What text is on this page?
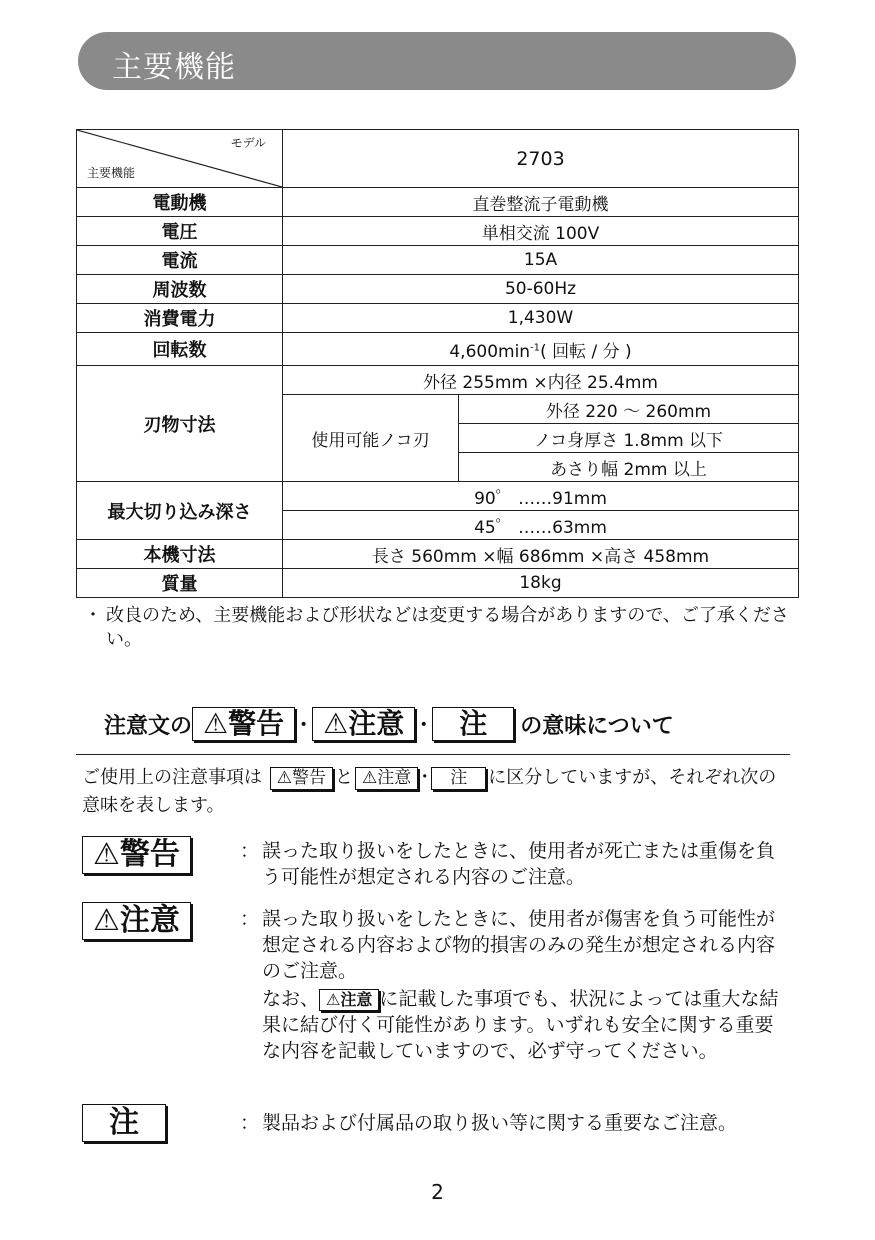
主要機能
モデル
主要機能	2703	
電動機	直巻整流子電動機	
電圧	単相交流 100V	
電流	15A	
周波数	50-60Hz	
消費電力	1,430W	
回転数	$4,600\min^{-1}$( 回転 / 分 )	
刃物寸法	外径 255mm ×内径 25.4mm	
	使用可能ノコ刃	外径 220 ～ 260mm
		ノコ身厚さ 1.8mm 以下
		あさり幅 2mm 以上
最大切り込み深さ	90゜ ……91mm	
	45゜ ……63mm	
本機寸法	長さ 560mm ×幅 686mm ×高さ 458mm	
質量	18kg	
・ 改良のため、主要機能および形状などは変更する場合がありますので、ご了承ください。
注意文の ⚠警告 ･ ⚠注意 ･	注	の意味について
ご使用上の注意事項は ⚠警告 と ⚠注意 ･ 注 に区分していますが、それぞれ次の意味を表します。
⚠警告	： 誤った取り扱いをしたときに、使用者が死亡または重傷を負う可能性が想定される内容のご注意。
⚠注意	： 誤った取り扱いをしたときに、使用者が傷害を負う可能性が想定される内容および物的損害のみの発生が想定される内容のご注意。
なお、 ⚠注意 に記載した事項でも、状況によっては重大な結果に結び付く可能性があります。いずれも安全に関する重要な内容を記載していますので、必ず守ってください。
注	： 製品および付属品の取り扱い等に関する重要なご注意。
2
